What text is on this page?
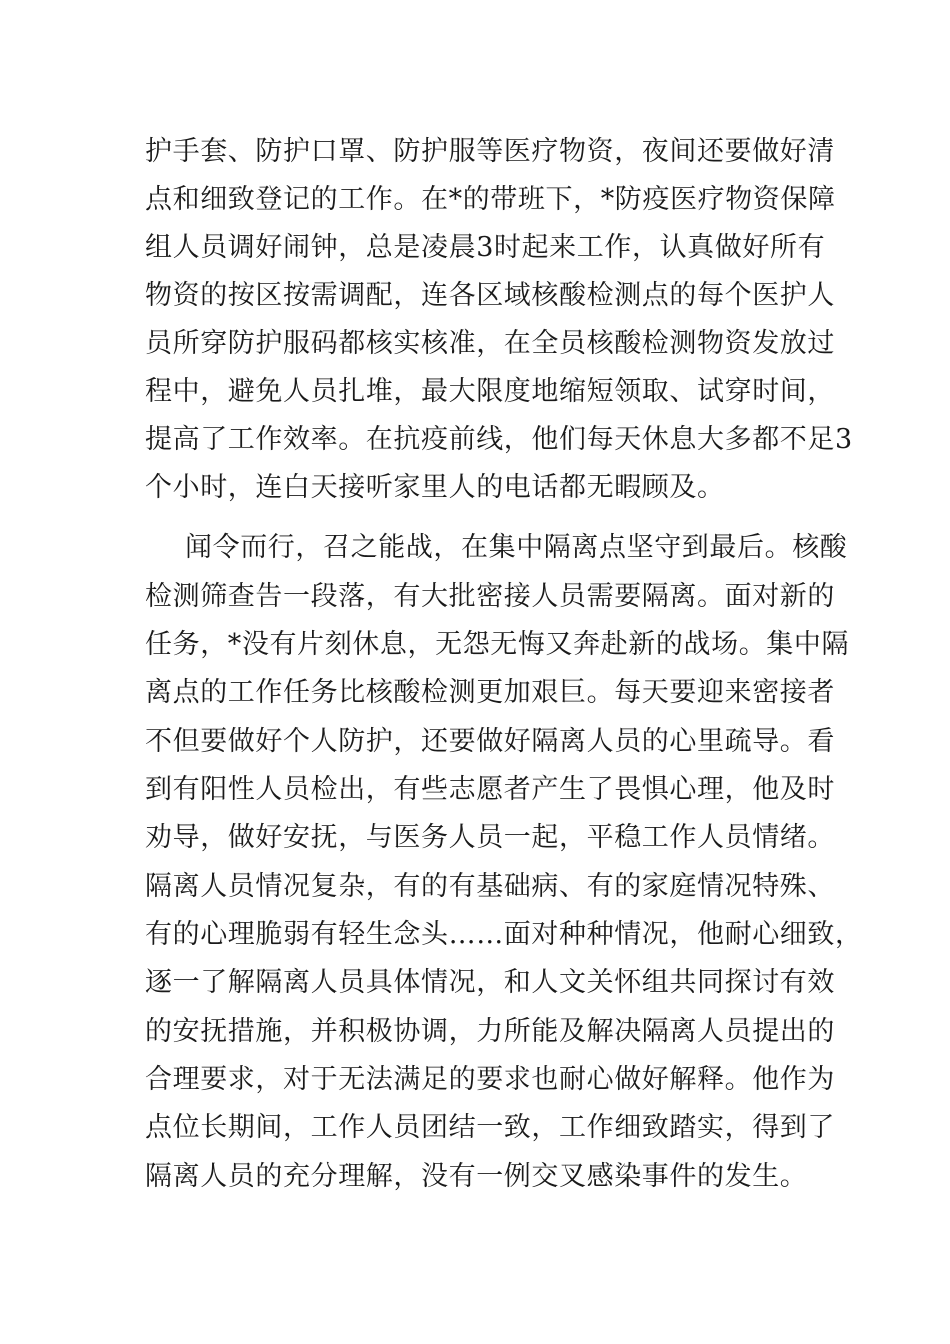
护手套、防护口罩、防护服等医疗物资，夜间还要做好清
点和细致登记的工作。在*的带班下，*防疫医疗物资保障
组人员调好闹钟，总是凌晨3时起来工作，认真做好所有
物资的按区按需调配，连各区域核酸检测点的每个医护人
员所穿防护服码都核实核准，在全员核酸检测物资发放过
程中，避免人员扎堆，最大限度地缩短领取、试穿时间，
提高了工作效率。在抗疫前线，他们每天休息大多都不足3
个小时，连白天接听家里人的电话都无暇顾及。
闻令而行，召之能战，在集中隔离点坚守到最后。核酸
检测筛查告一段落，有大批密接人员需要隔离。面对新的
任务，*没有片刻休息，无怨无悔又奔赴新的战场。集中隔
离点的工作任务比核酸检测更加艰巨。每天要迎来密接者
不但要做好个人防护，还要做好隔离人员的心里疏导。看
到有阳性人员检出，有些志愿者产生了畏惧心理，他及时
劝导，做好安抚，与医务人员一起，平稳工作人员情绪。
隔离人员情况复杂，有的有基础病、有的家庭情况特殊、
有的心理脆弱有轻生念头……面对种种情况，他耐心细致，
逐一了解隔离人员具体情况，和人文关怀组共同探讨有效
的安抚措施，并积极协调，力所能及解决隔离人员提出的
合理要求，对于无法满足的要求也耐心做好解释。他作为
点位长期间，工作人员团结一致，工作细致踏实，得到了
隔离人员的充分理解，没有一例交叉感染事件的发生。
